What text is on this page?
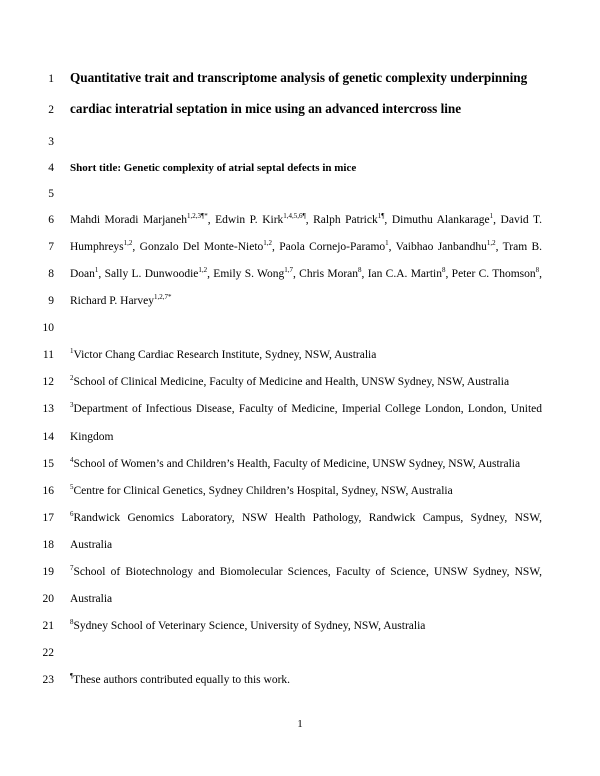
1
2
3
4
5
6
7
8
9
10
11
12
13
14
15
16
17
18
19
20
21
22
23
Quantitative trait and transcriptome analysis of genetic complexity underpinning
cardiac interatrial septation in mice using an advanced intercross line
Short title: Genetic complexity of atrial septal defects in mice
Mahdi Moradi Marjaneh$^{1,2,3\P*}$, Edwin P. Kirk$^{1,4,5,6\P}$, Ralph Patrick$^{1\P}$, Dimuthu Alankarage$^1$, David T.
Humphreys$^{1,2}$, Gonzalo Del Monte-Nieto$^{1,2}$, Paola Cornejo-Paramo$^1$, Vaibhao Janbandhu$^{1,2}$, Tram B.
Doan$^1$, Sally L. Dunwoodie$^{1,2}$, Emily S. Wong$^{1,7}$, Chris Moran$^8$, Ian C.A. Martin$^8$, Peter C. Thomson$^8$,
Richard P. Harvey$^{1,2,7*}$
$^1$Victor Chang Cardiac Research Institute, Sydney, NSW, Australia
$^2$School of Clinical Medicine, Faculty of Medicine and Health, UNSW Sydney, NSW, Australia
$^3$Department of Infectious Disease, Faculty of Medicine, Imperial College London, London, United
Kingdom
$^4$School of Women’s and Children’s Health, Faculty of Medicine, UNSW Sydney, NSW, Australia
$^5$Centre for Clinical Genetics, Sydney Children’s Hospital, Sydney, NSW, Australia
$^6$Randwick Genomics Laboratory, NSW Health Pathology, Randwick Campus, Sydney, NSW,
Australia
$^7$School of Biotechnology and Biomolecular Sciences, Faculty of Science, UNSW Sydney, NSW,
Australia
$^8$Sydney School of Veterinary Science, University of Sydney, NSW, Australia
¶These authors contributed equally to this work.
1
